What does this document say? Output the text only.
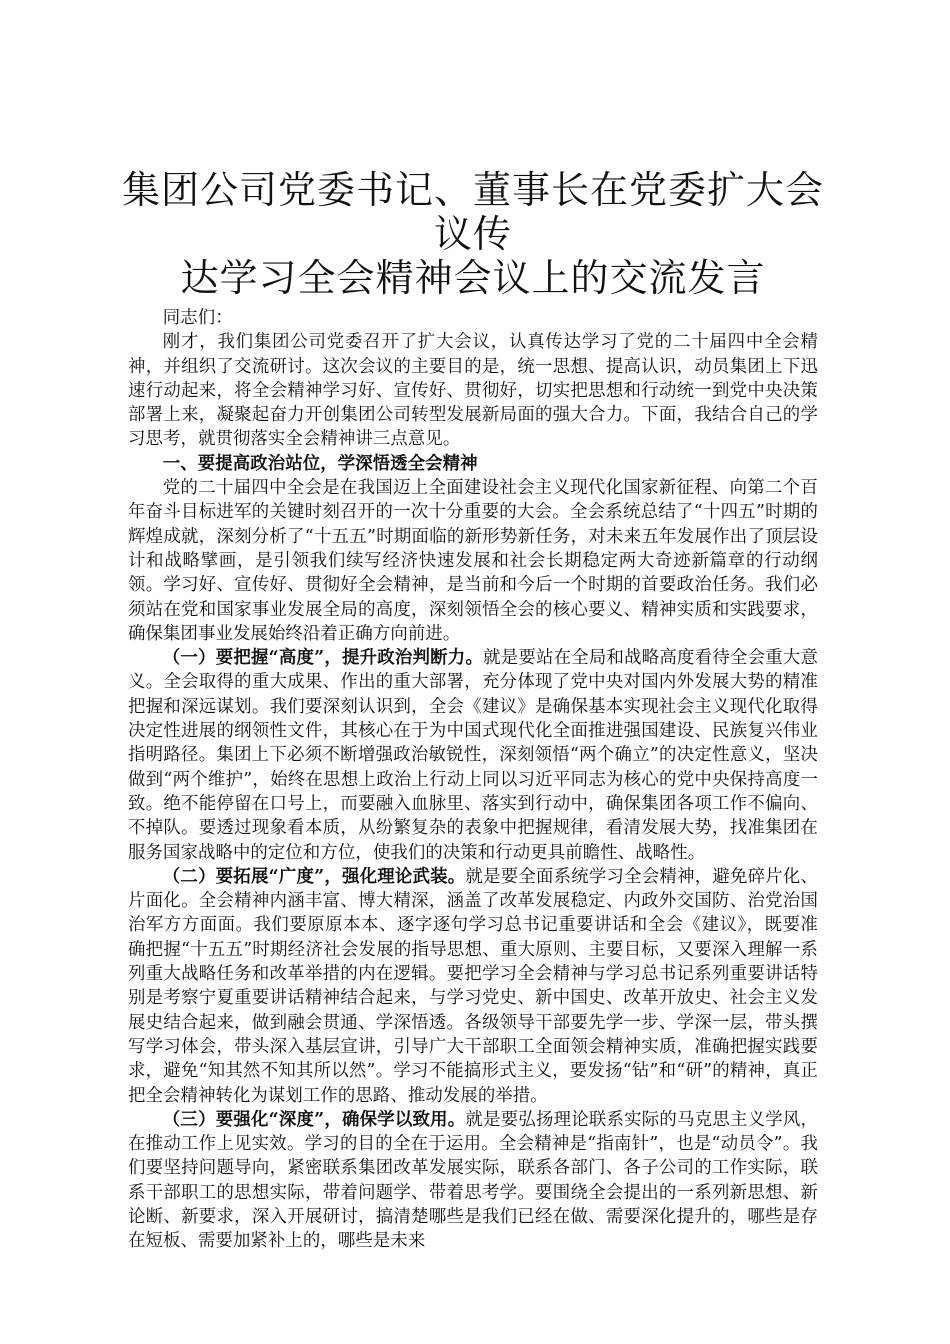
集团公司党委书记、董事长在党委扩大会议传
达学习全会精神会议上的交流发言

同志们：

刚才，我们集团公司党委召开了扩大会议，认真传达学习了党的二十届四中全会精神，并组织了交流研讨。这次会议的主要目的是，统一思想、提高认识，动员集团上下迅速行动起来，将全会精神学习好、宣传好、贯彻好，切实把思想和行动统一到党中央决策部署上来，凝聚起奋力开创集团公司转型发展新局面的强大合力。下面，我结合自己的学习思考，就贯彻落实全会精神讲三点意见。

一、要提高政治站位，学深悟透全会精神

党的二十届四中全会是在我国迈上全面建设社会主义现代化国家新征程、向第二个百年奋斗目标进军的关键时刻召开的一次十分重要的大会。全会系统总结了“十四五”时期的辉煌成就，深刻分析了“十五五”时期面临的新形势新任务，对未来五年发展作出了顶层设计和战略擘画，是引领我们续写经济快速发展和社会长期稳定两大奇迹新篇章的行动纲领。学习好、宣传好、贯彻好全会精神，是当前和今后一个时期的首要政治任务。我们必须站在党和国家事业发展全局的高度，深刻领悟全会的核心要义、精神实质和实践要求，确保集团事业发展始终沿着正确方向前进。

（一）要把握“高度”，提升政治判断力。就是要站在全局和战略高度看待全会重大意义。全会取得的重大成果、作出的重大部署，充分体现了党中央对国内外发展大势的精准把握和深远谋划。我们要深刻认识到，全会《建议》是确保基本实现社会主义现代化取得决定性进展的纲领性文件，其核心在于为中国式现代化全面推进强国建设、民族复兴伟业指明路径。集团上下必须不断增强政治敏锐性，深刻领悟“两个确立”的决定性意义，坚决做到“两个维护”，始终在思想上政治上行动上同以习近平同志为核心的党中央保持高度一致。绝不能停留在口号上，而要融入血脉里、落实到行动中，确保集团各项工作不偏向、不掉队。要透过现象看本质，从纷繁复杂的表象中把握规律，看清发展大势，找准集团在服务国家战略中的定位和方位，使我们的决策和行动更具前瞻性、战略性。

（二）要拓展“广度”，强化理论武装。就是要全面系统学习全会精神，避免碎片化、片面化。全会精神内涵丰富、博大精深，涵盖了改革发展稳定、内政外交国防、治党治国治军方方面面。我们要原原本本、逐字逐句学习总书记重要讲话和全会《建议》，既要准确把握“十五五”时期经济社会发展的指导思想、重大原则、主要目标，又要深入理解一系列重大战略任务和改革举措的内在逻辑。要把学习全会精神与学习总书记系列重要讲话特别是考察宁夏重要讲话精神结合起来，与学习党史、新中国史、改革开放史、社会主义发展史结合起来，做到融会贯通、学深悟透。各级领导干部要先学一步、学深一层，带头撰写学习体会，带头深入基层宣讲，引导广大干部职工全面领会精神实质，准确把握实践要求，避免“知其然不知其所以然”。学习不能搞形式主义，要发扬“钻”和“研”的精神，真正把全会精神转化为谋划工作的思路、推动发展的举措。

（三）要强化“深度”，确保学以致用。就是要弘扬理论联系实际的马克思主义学风，在推动工作上见实效。学习的目的全在于运用。全会精神是“指南针”，也是“动员令”。我们要坚持问题导向，紧密联系集团改革发展实际，联系各部门、各子公司的工作实际，联系干部职工的思想实际，带着问题学、带着思考学。要围绕全会提出的一系列新思想、新论断、新要求，深入开展研讨，搞清楚哪些是我们已经在做、需要深化提升的，哪些是存在短板、需要加紧补上的，哪些是未来
